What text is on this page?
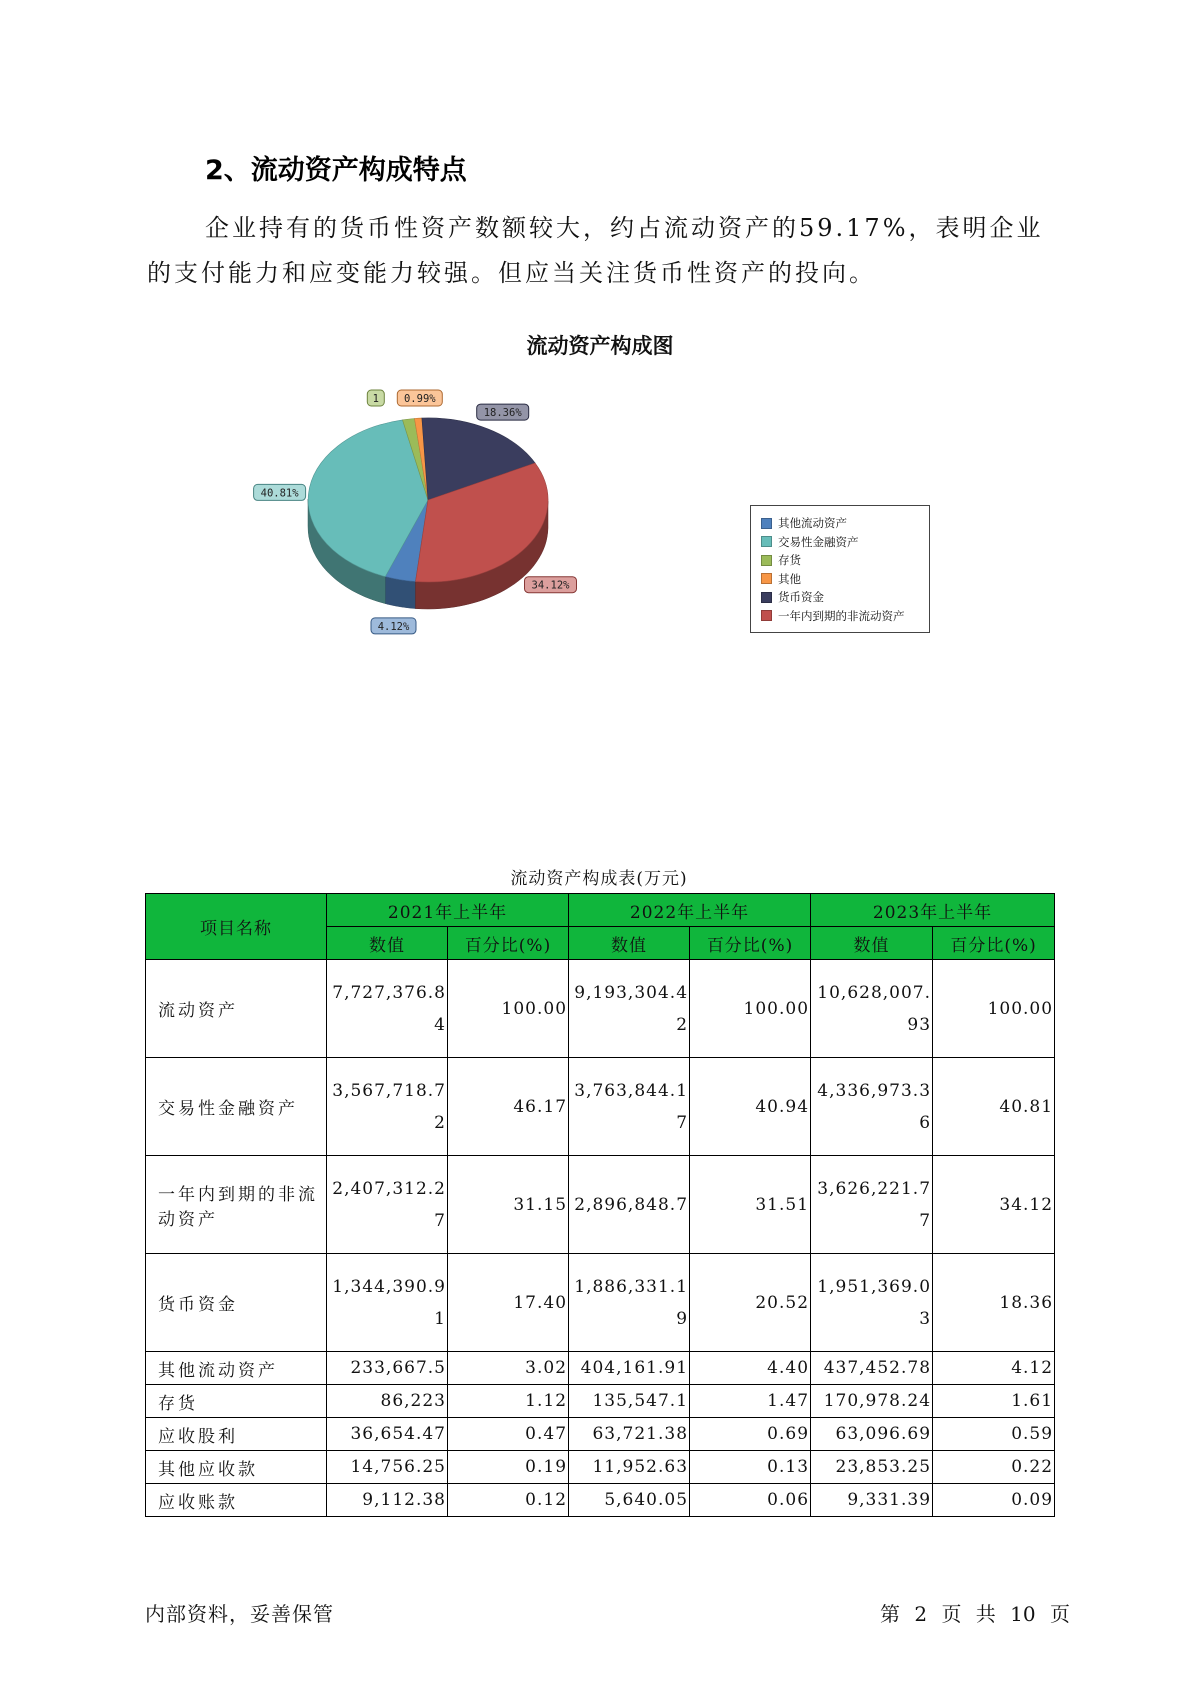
2、流动资产构成特点
企业持有的货币性资产数额较大，约占流动资产的59.17%，表明企业
的支付能力和应变能力较强。但应当关注货币性资产的投向。
流动资产构成图
4.12%
40.81%
1 0.99%
18.36%
34.12%
其他流动资产
交易性金融资产
存货
其他
货币资金
一年内到期的非流动资产
流动资产构成表(万元)
项目名称	2021年上半年		2022年上半年		2023年上半年	
	数值	百分比(%)	数值	百分比(%)	数值	百分比(%)
流动资产	7,727,376.84	100.00	9,193,304.42	100.00	10,628,007.93	100.00
交易性金融资产	3,567,718.72	46.17	3,763,844.17	40.94	4,336,973.36	40.81
一年内到期的非流动资产	2,407,312.27	31.15	2,896,848.7	31.51	3,626,221.77	34.12
货币资金	1,344,390.91	17.40	1,886,331.19	20.52	1,951,369.03	18.36
其他流动资产	233,667.5	3.02	404,161.91	4.40	437,452.78	4.12
存货	86,223	1.12	135,547.1	1.47	170,978.24	1.61
应收股利	36,654.47	0.47	63,721.38	0.69	63,096.69	0.59
其他应收款	14,756.25	0.19	11,952.63	0.13	23,853.25	0.22
应收账款	9,112.38	0.12	5,640.05	0.06	9,331.39	0.09
内部资料，妥善保管	第 2 页 共 10 页
